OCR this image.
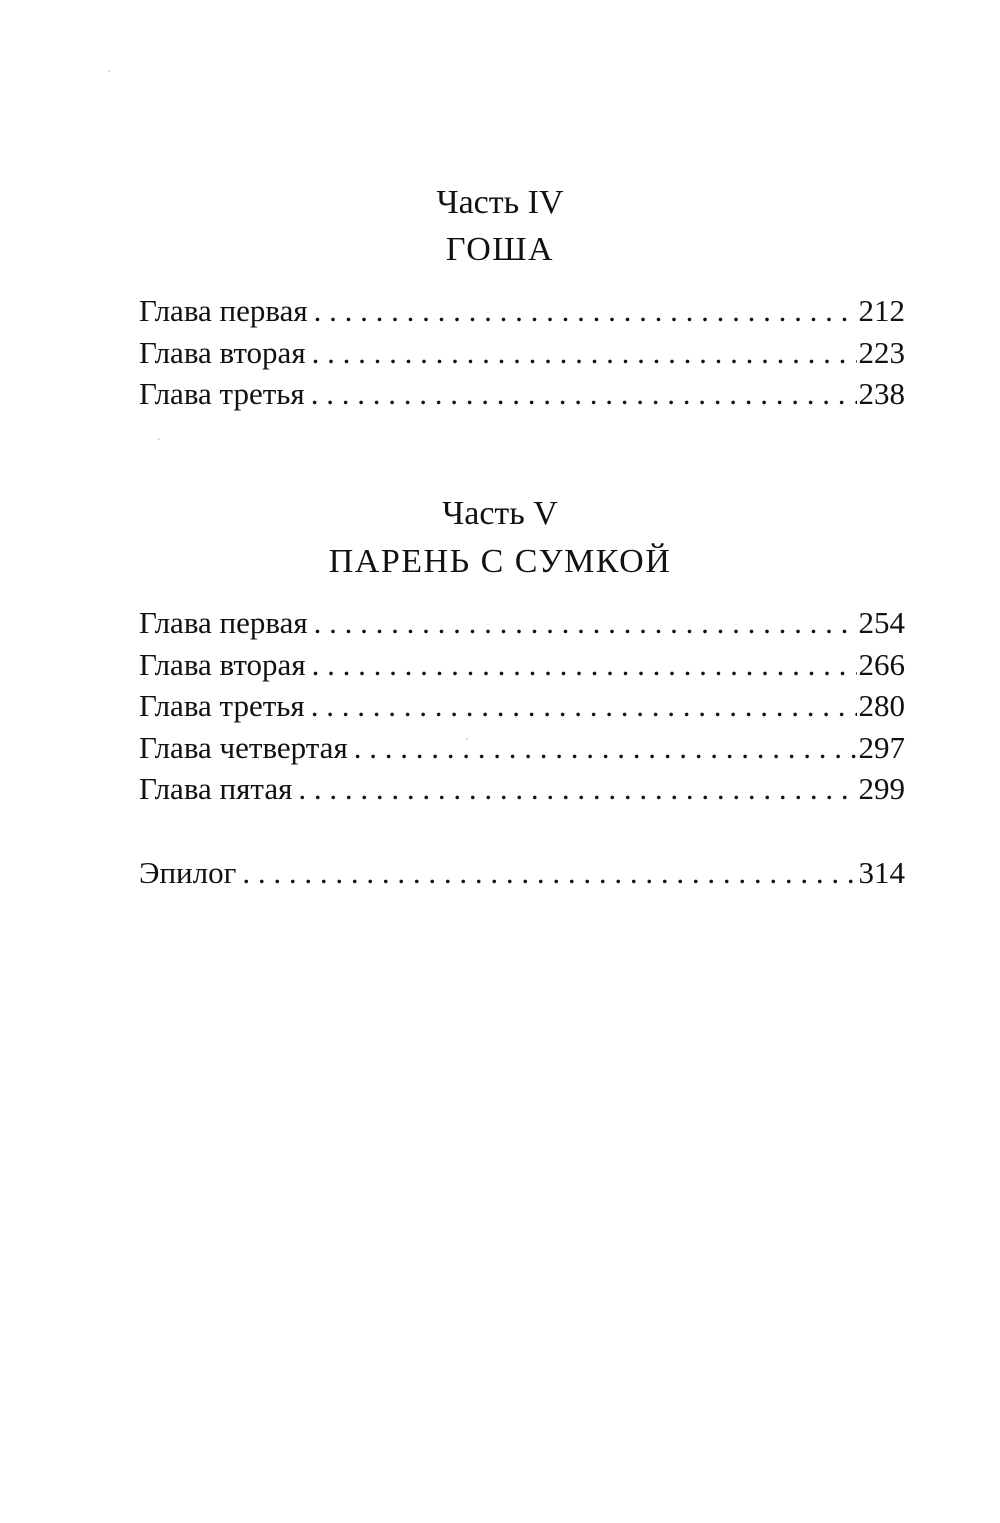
Часть IV
ГОША
Глава первая . . .	212
Глава вторая . . .	223
Глава третья . . .	238
Часть V
ПАРЕНЬ С СУМКОЙ
Глава первая . . .	254
Глава вторая . . .	266
Глава третья . . .	280
Глава четвертая . . .	297
Глава пятая . . .	299
Эпилог . . .	314
